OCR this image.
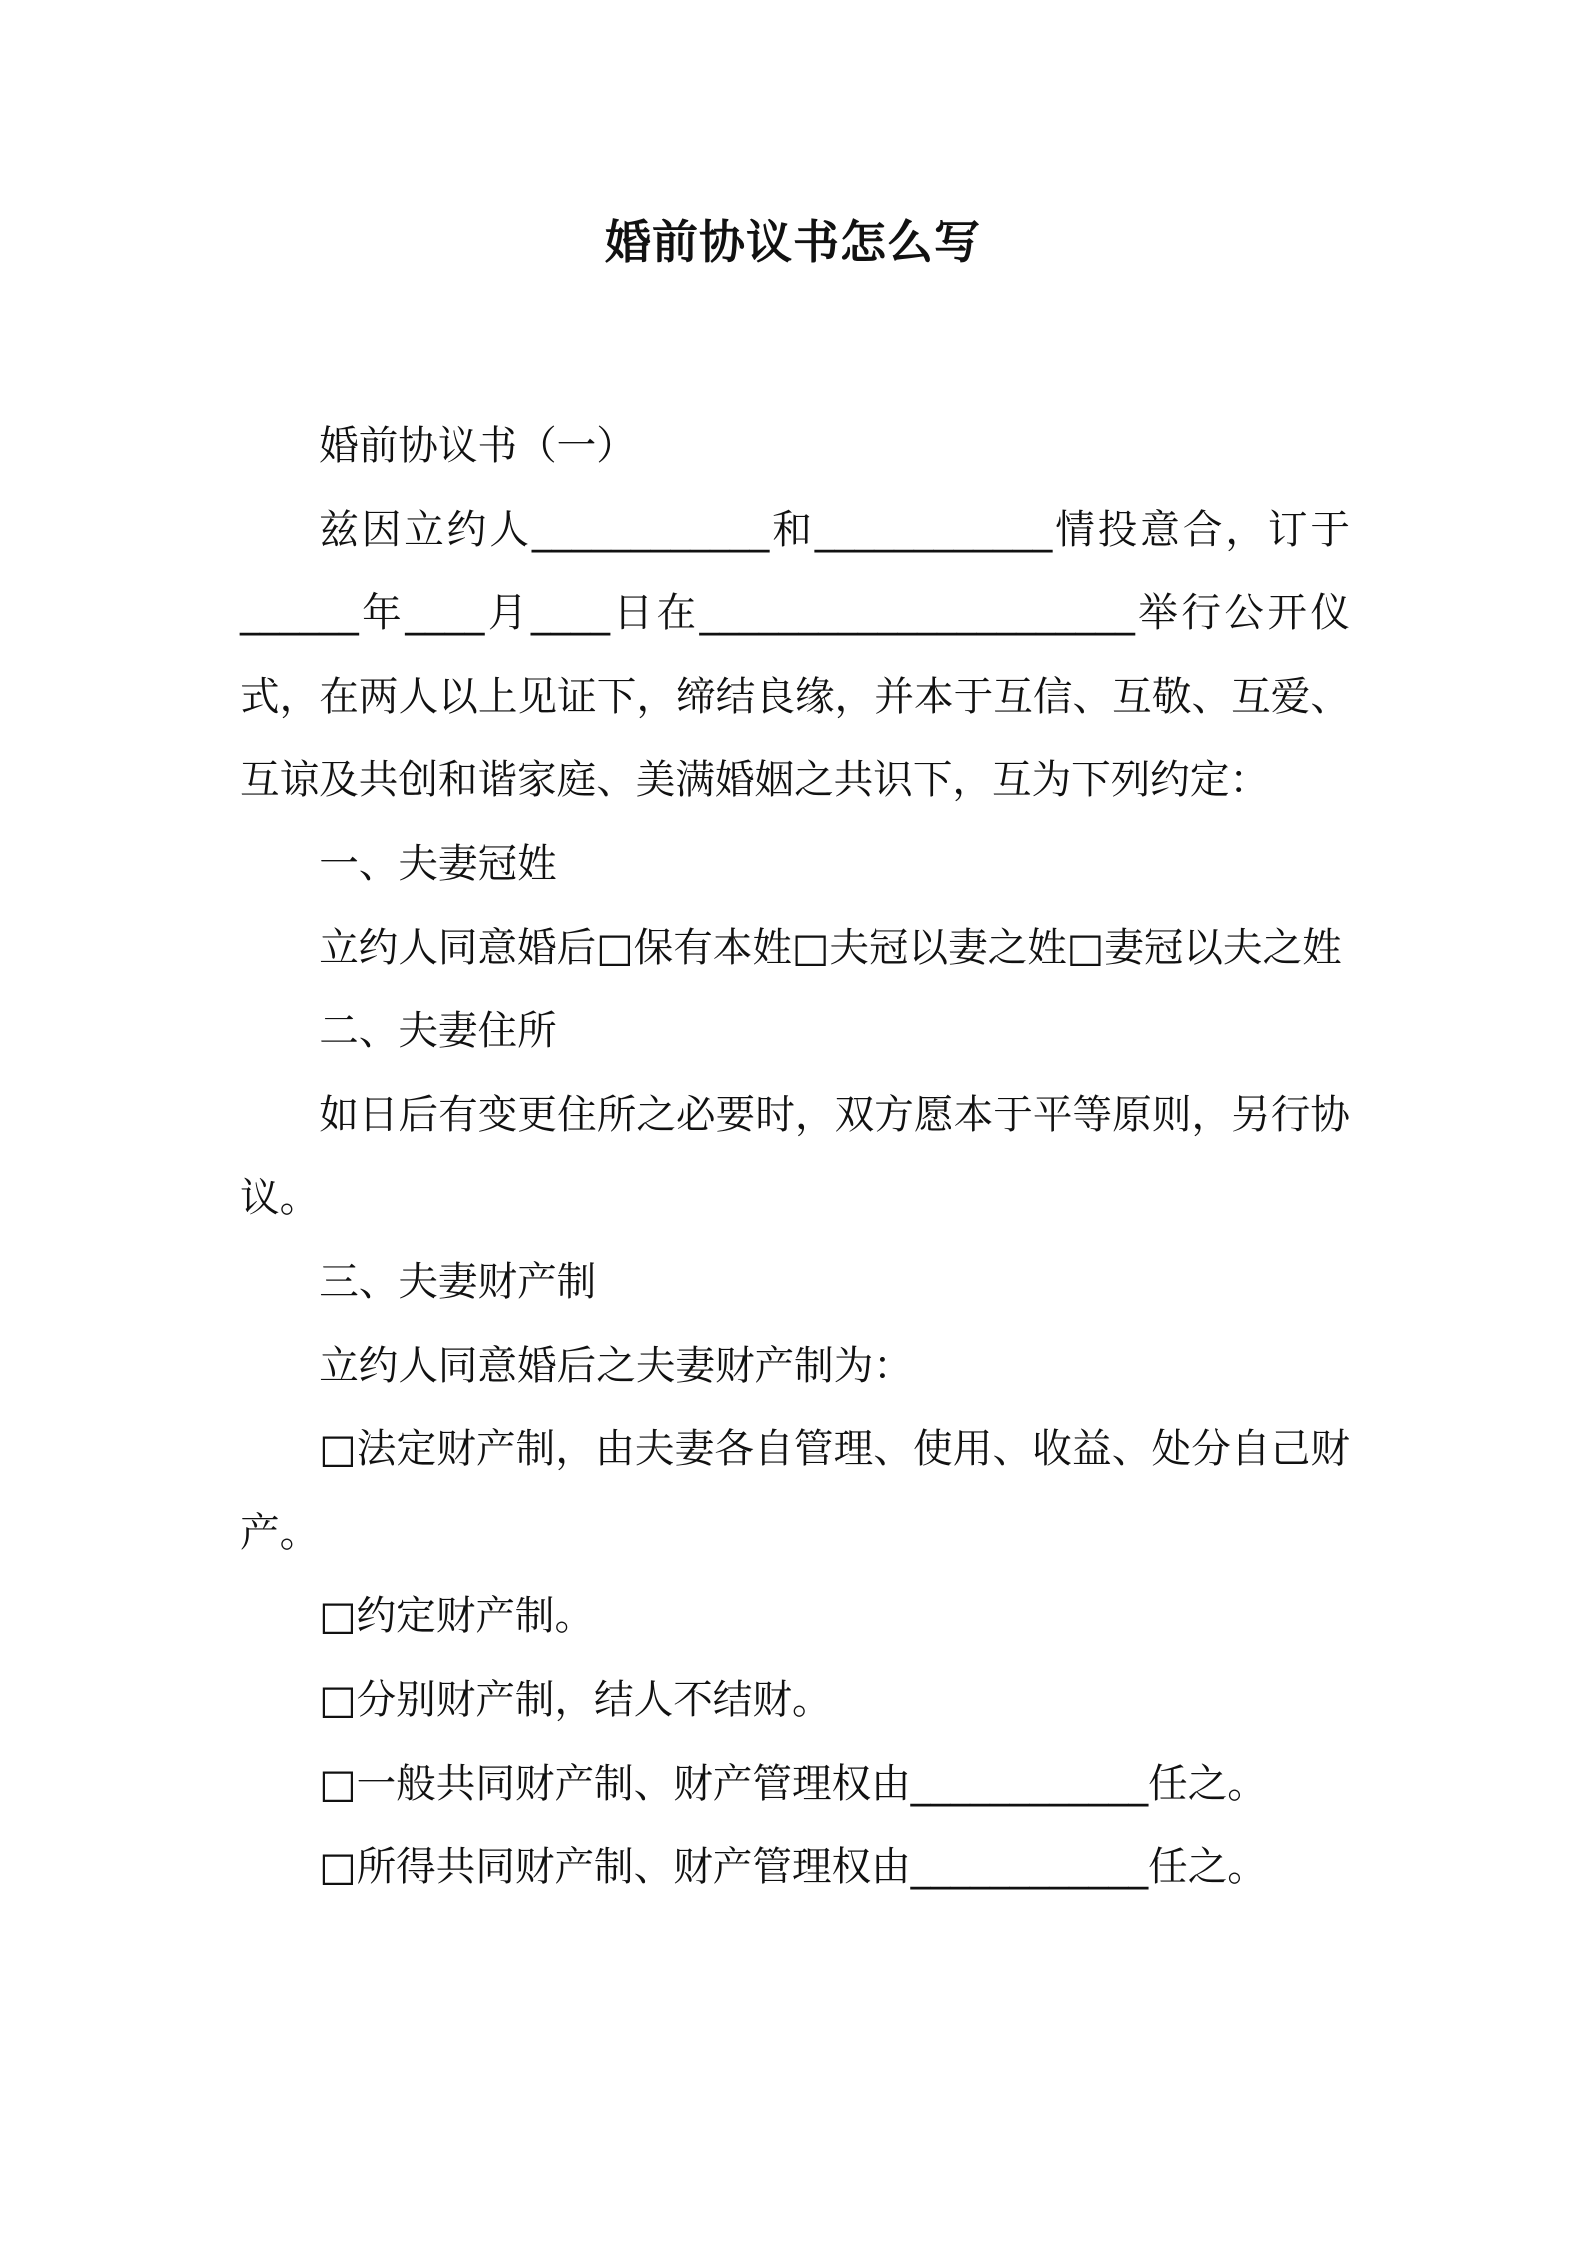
婚前协议书怎么写

婚前协议书（一）

兹因立约人____________和____________情投意合，订于______年____月____日在______________________举行公开仪式，在两人以上见证下，缔结良缘，并本于互信、互敬、互爱、互谅及共创和谐家庭、美满婚姻之共识下，互为下列约定：

一、夫妻冠姓

立约人同意婚后□保有本姓□夫冠以妻之姓□妻冠以夫之姓

二、夫妻住所

如日后有变更住所之必要时，双方愿本于平等原则，另行协议。

三、夫妻财产制

立约人同意婚后之夫妻财产制为：

□法定财产制，由夫妻各自管理、使用、收益、处分自己财产。

□约定财产制。

□分别财产制，结人不结财。

□一般共同财产制、财产管理权由____________任之。

□所得共同财产制、财产管理权由____________任之。
